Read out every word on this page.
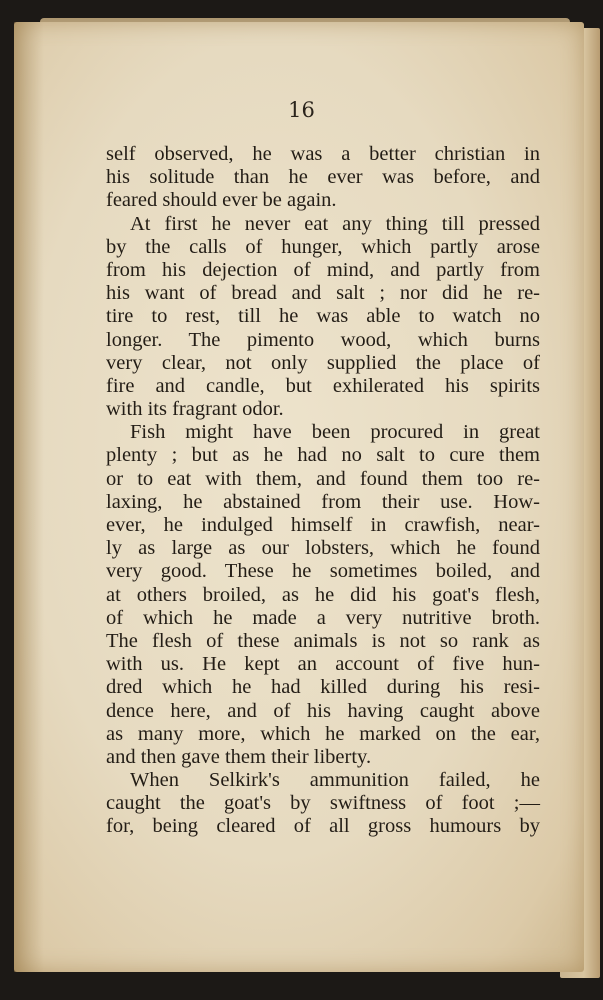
16
self observed, he was a better christian in
his solitude than he ever was before, and
feared should ever be again.
At first he never eat any thing till pressed
by the calls of hunger, which partly arose
from his dejection of mind, and partly from
his want of bread and salt ; nor did he re-
tire to rest, till he was able to watch no
longer. The pimento wood, which burns
very clear, not only supplied the place of
fire and candle, but exhilerated his spirits
with its fragrant odor.
Fish might have been procured in great
plenty ; but as he had no salt to cure them
or to eat with them, and found them too re-
laxing, he abstained from their use. How-
ever, he indulged himself in crawfish, near-
ly as large as our lobsters, which he found
very good. These he sometimes boiled, and
at others broiled, as he did his goat's flesh,
of which he made a very nutritive broth.
The flesh of these animals is not so rank as
with us. He kept an account of five hun-
dred which he had killed during his resi-
dence here, and of his having caught above
as many more, which he marked on the ear,
and then gave them their liberty.
When Selkirk's ammunition failed, he
caught the goat's by swiftness of foot ;—
for, being cleared of all gross humours by
